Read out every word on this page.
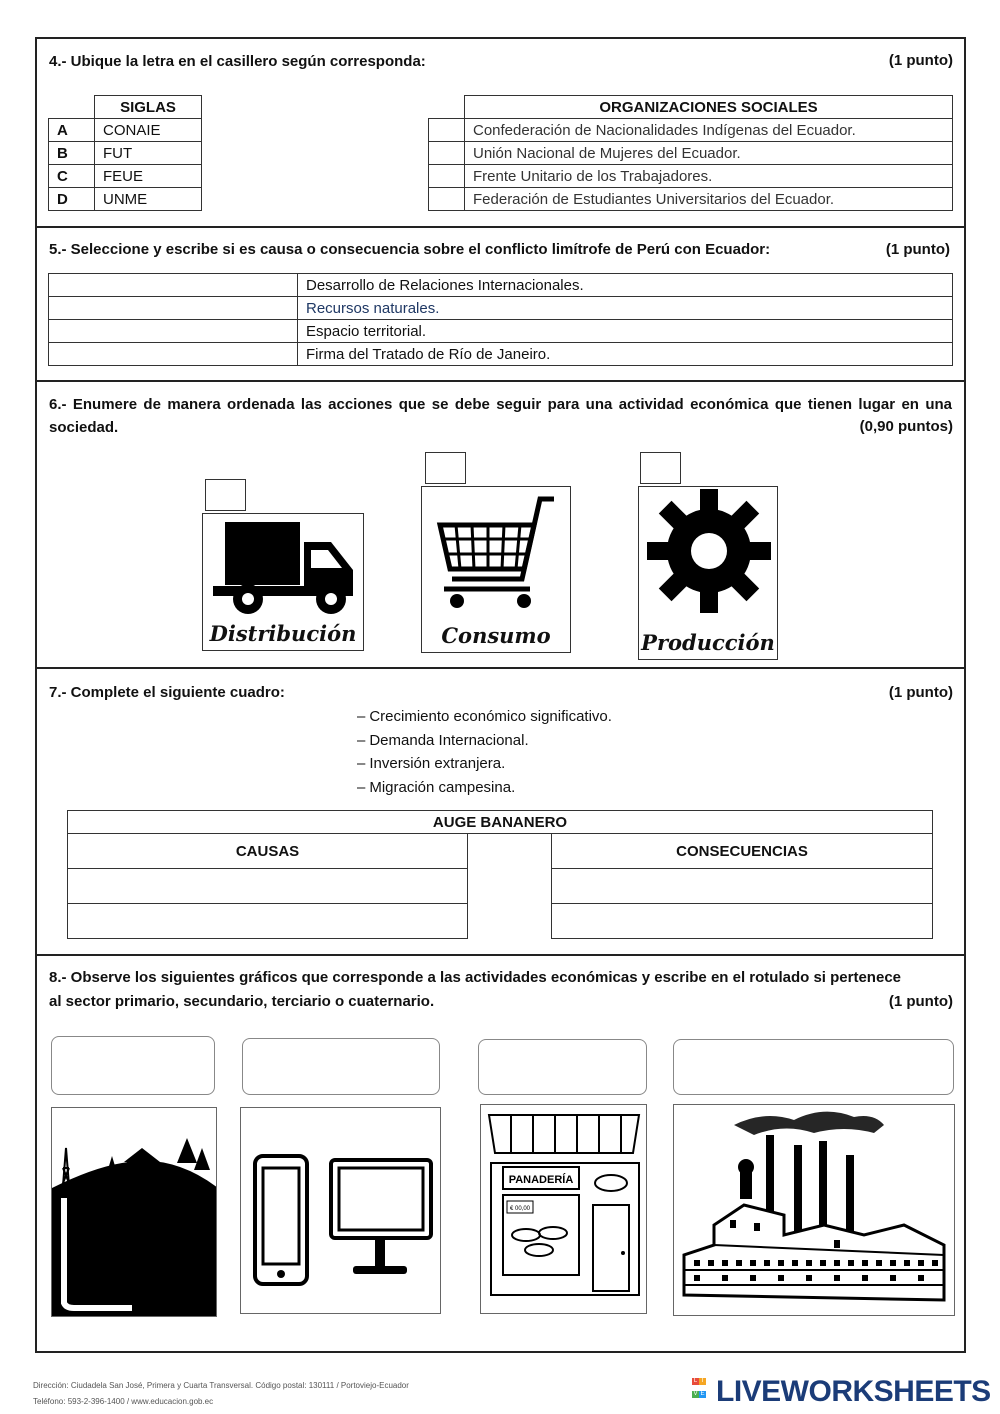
4.- Ubique la letra en el casillero según corresponda:	(1 punto)
	SIGLAS
A	CONAIE
B	FUT
C	FEUE
D	UNME
	ORGANIZACIONES SOCIALES
	Confederación de Nacionalidades Indígenas del Ecuador.
	Unión Nacional de Mujeres del Ecuador.
	Frente Unitario de los Trabajadores.
	Federación de Estudiantes Universitarios del Ecuador.
5.- Seleccione y escribe si es causa o consecuencia sobre el conflicto limítrofe de Perú con Ecuador:	(1 punto)
	Desarrollo de Relaciones Internacionales.
	Recursos naturales.
	Espacio territorial.
	Firma del Tratado de Río de Janeiro.
6.- Enumere de manera ordenada las acciones que se debe seguir para una actividad económica que tienen lugar en una sociedad.	(0,90 puntos)
Distribución	Consumo	Producción
7.- Complete el siguiente cuadro:	(1 punto)
– Crecimiento económico significativo.
– Demanda Internacional.
– Inversión extranjera.
– Migración campesina.
AUGE BANANERO
CAUSAS	CONSECUENCIAS

8.- Observe los siguientes gráficos que corresponde a las actividades económicas y escribe en el rotulado si pertenece
al sector primario, secundario, terciario o cuaternario.	(1 punto)
PANADERÍA
€ 00,00
Dirección: Ciudadela San José, Primera y Cuarta Transversal. Código postal: 130111 / Portoviejo-Ecuador
Teléfono: 593-2-396-1400 / www.educacion.gob.ec
L I
V E LIVEWORKSHEETS
